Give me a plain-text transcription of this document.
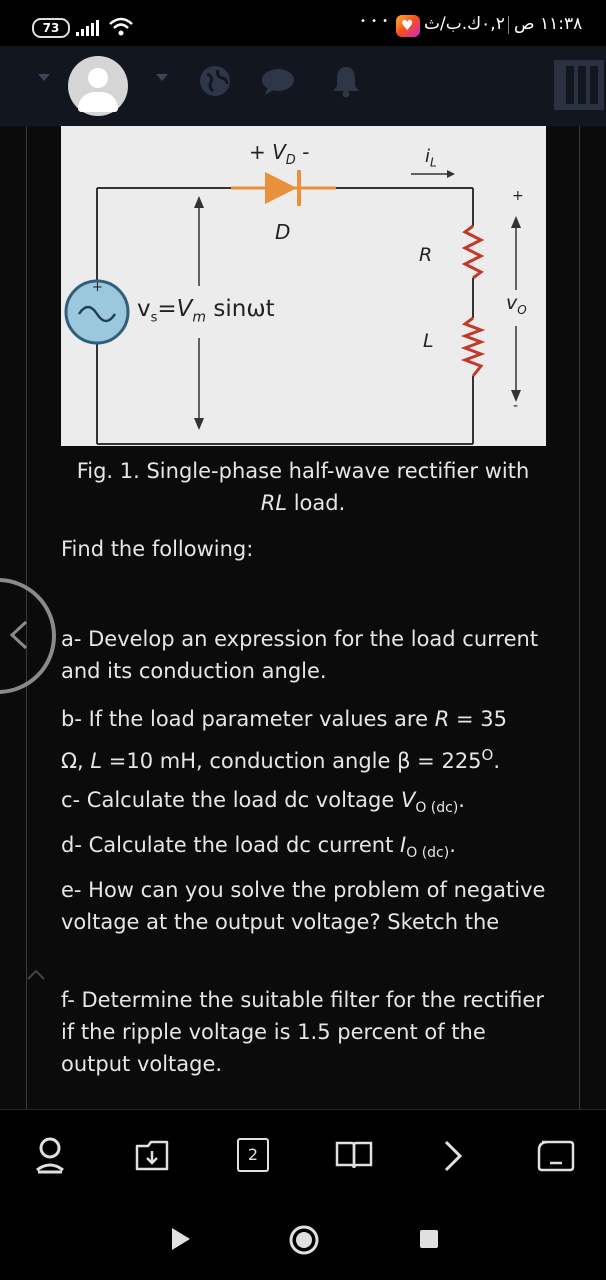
73	• • • ♥ ٠,٢ك.ب/ث ١١:٣٨ ص
+ $V_D$ -
D
$i_L$
R
L
$v_s=V_m$ sinωt	$v_O$
+
-
+
Fig. 1. Single-phase half-wave rectifier with
RL load.
Find the following:
a- Develop an expression for the load current and its conduction angle.
b- If the load parameter values are R = 35
Ω, L =10 mH, conduction angle $\beta = 225^O$.
c- Calculate the load dc voltage $V_{O (dc)}$.
d- Calculate the load dc current $I_{O (dc)}$.
e- How can you solve the problem of negative voltage at the output voltage? Sketch the
f- Determine the suitable filter for the rectifier if the ripple voltage is 1.5 percent of the output voltage.
2
